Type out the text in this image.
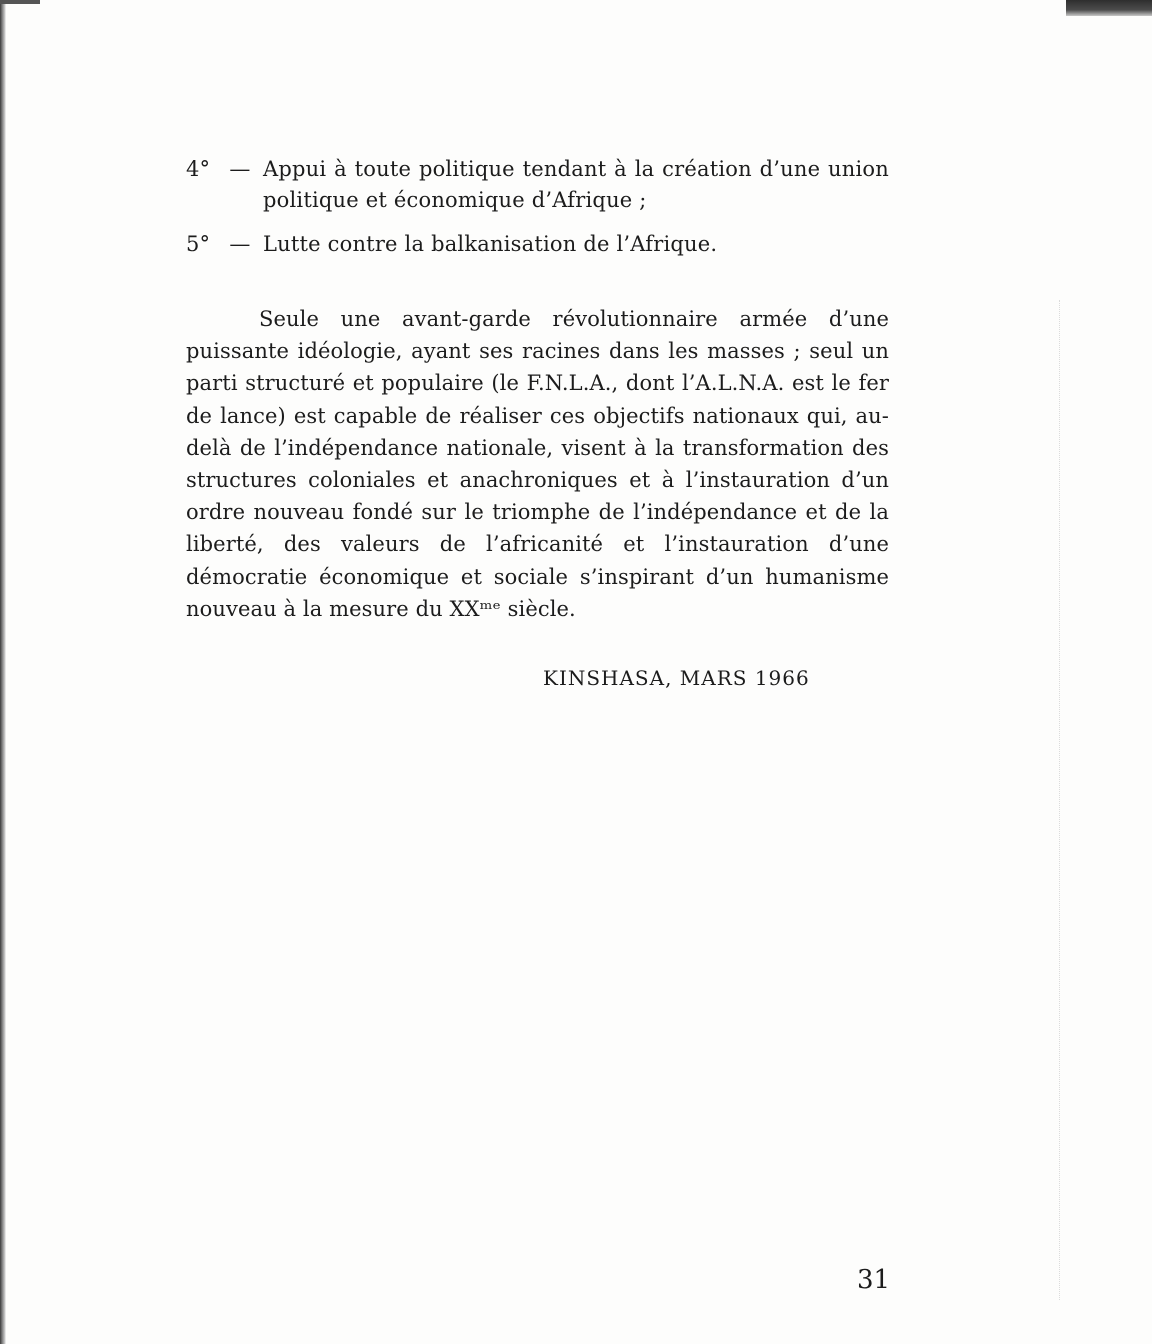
4° — Appui à toute politique tendant à la création d’une union politique et économique d’Afrique ;
5° — Lutte contre la balkanisation de l’Afrique.

Seule une avant-garde révolutionnaire armée d’une puissante idéologie, ayant ses racines dans les masses ; seul un parti structuré et populaire (le F.N.L.A., dont l’A.L.N.A. est le fer de lance) est capable de réaliser ces objectifs nationaux qui, au-delà de l’indépendance nationale, visent à la transformation des structures coloniales et anachroniques et à l’instauration d’un ordre nouveau fondé sur le triomphe de l’indépendance et de la liberté, des valeurs de l’africanité et l’instauration d’une démocratie économique et sociale s’inspirant d’un humanisme nouveau à la mesure du XXᵐᵉ siècle.

KINSHASA, MARS 1966
31
